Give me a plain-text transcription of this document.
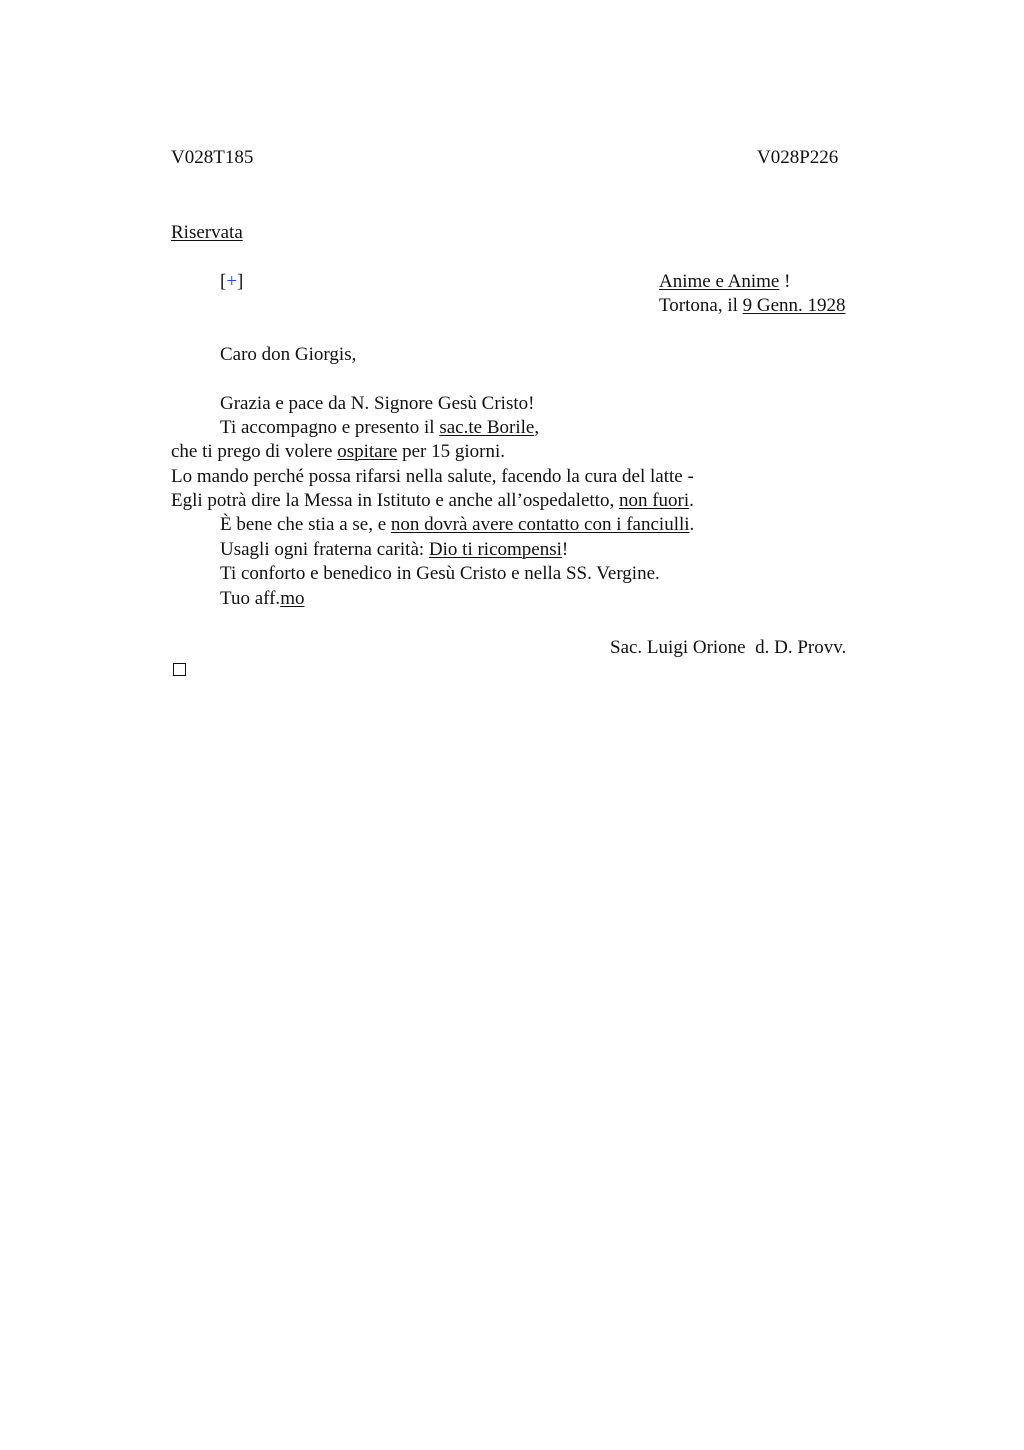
V028T185	V028P226
Riservata
[+]	Anime e Anime !
Tortona, il 9 Genn. 1928
Caro don Giorgis,
Grazia e pace da N. Signore Gesù Cristo!
Ti accompagno e presento il sac.te Borile,
che ti prego di volere ospitare per 15 giorni.
Lo mando perché possa rifarsi nella salute, facendo la cura del latte -
Egli potrà dire la Messa in Istituto e anche all’ospedaletto, non fuori.
È bene che stia a se, e non dovrà avere contatto con i fanciulli.
Usagli ogni fraterna carità: Dio ti ricompensi!
Ti conforto e benedico in Gesù Cristo e nella SS. Vergine.
Tuo aff.mo
Sac. Luigi Orione  d. D. Provv.
